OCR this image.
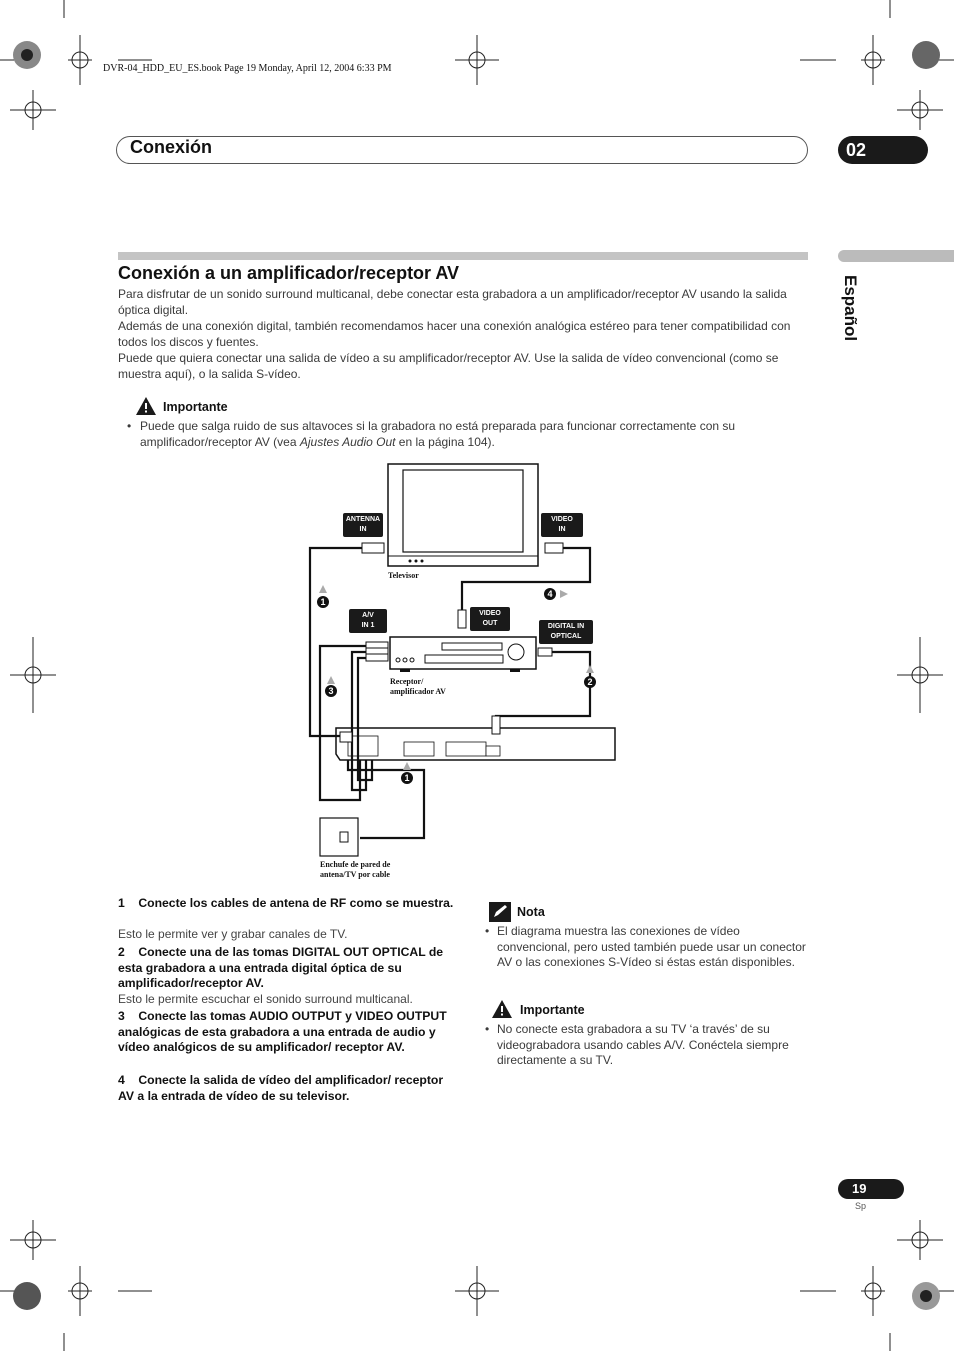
DVR-04_HDD_EU_ES.book Page 19 Monday, April 12, 2004 6:33 PM
Conexión	02
Español
Conexión a un amplificador/receptor AV
Para disfrutar de un sonido surround multicanal, debe conectar esta grabadora a un amplificador/receptor AV usando la salida óptica digital.
Además de una conexión digital, también recomendamos hacer una conexión analógica estéreo para tener compatibilidad con todos los discos y fuentes.
Puede que quiera conectar una salida de vídeo a su amplificador/receptor AV. Use la salida de vídeo convencional (como se muestra aquí), o la salida S-vídeo.
Importante
• Puede que salga ruido de sus altavoces si la grabadora no está preparada para funcionar correctamente con su amplificador/receptor AV (vea Ajustes Audio Out en la página 104).
ANTENNA
IN
VIDEO
IN
Televisor
A/V
IN 1
VIDEO
OUT	DIGITAL IN
OPTICAL
Receptor/
amplificador AV
Enchufe de pared de
antena/TV por cable
1
2
3
4
1
1 Conecte los cables de antena de RF como se muestra.
Esto le permite ver y grabar canales de TV.
2 Conecte una de las tomas DIGITAL OUT OPTICAL de esta grabadora a una entrada digital óptica de su amplificador/receptor AV.
Esto le permite escuchar el sonido surround multicanal.
3 Conecte las tomas AUDIO OUTPUT y VIDEO OUTPUT analógicas de esta grabadora a una entrada de audio y vídeo analógicos de su amplificador/ receptor AV.
4 Conecte la salida de vídeo del amplificador/ receptor AV a la entrada de vídeo de su televisor.
Nota
• El diagrama muestra las conexiones de vídeo convencional, pero usted también puede usar un conector AV o las conexiones S-Vídeo si éstas están disponibles.
Importante
• No conecte esta grabadora a su TV ‘a través’ de su videograbadora usando cables A/V. Conéctela siempre directamente a su TV.
19
Sp
